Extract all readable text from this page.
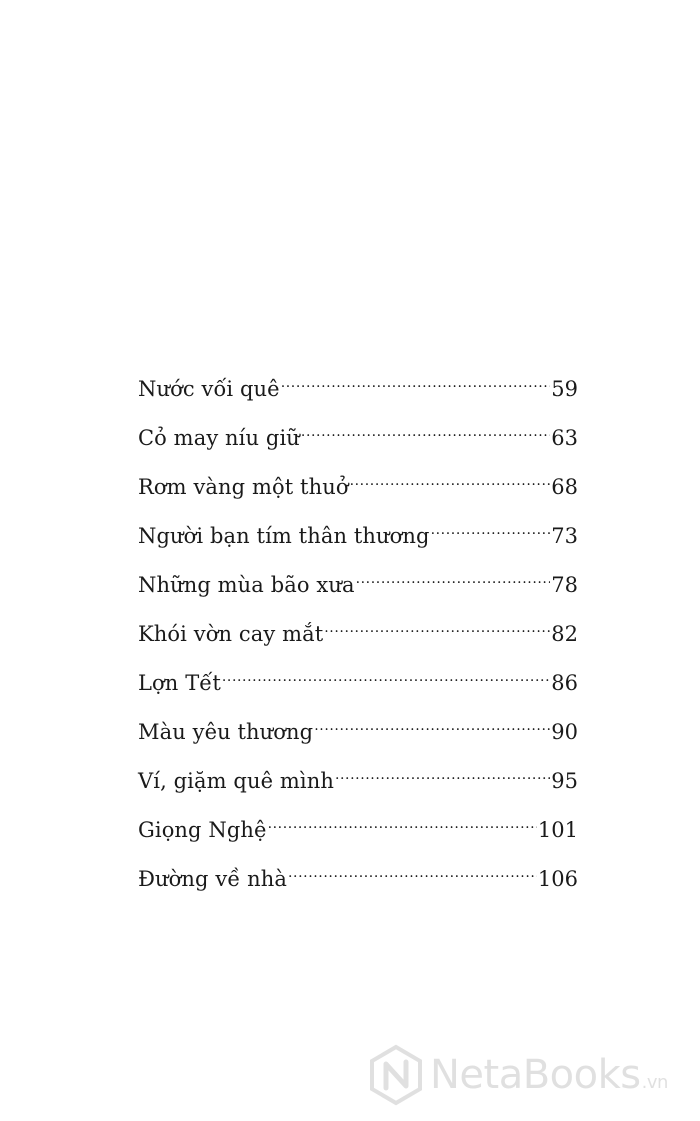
Nước vối quê .....	59
Cỏ may níu giữ .....	63
Rơm vàng một thuở .....	68
Người bạn tím thân thương .....	73
Những mùa bão xưa .....	78
Khói vờn cay mắt .....	82
Lợn Tết .....	86
Màu yêu thương .....	90
Ví, giặm quê mình .....	95
Giọng Nghệ .....	101
Đường về nhà .....	106
NetaBooks.vn
